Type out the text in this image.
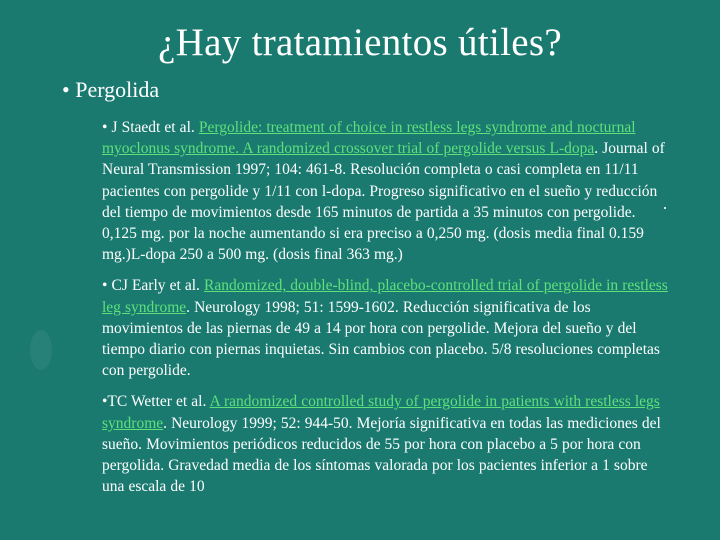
¿Hay tratamientos útiles?
• Pergolida

• J Staedt et al. Pergolide: treatment of choice in restless legs syndrome and nocturnal myoclonus syndrome. A randomized crossover trial of pergolide versus L-dopa. Journal of Neural Transmission 1997; 104: 461-8. Resolución completa o casi completa en 11/11 pacientes con pergolide y 1/11 con l-dopa. Progreso significativo en el sueño y reducción del tiempo de movimientos desde 165 minutos de partida a 35 minutos con pergolide. 0,125 mg. por la noche aumentando si era preciso a 0,250 mg. (dosis media final 0.159 mg.)L-dopa 250 a 500 mg. (dosis final 363 mg.)

• CJ Early et al. Randomized, double-blind, placebo-controlled trial of pergolide in restless leg syndrome. Neurology 1998; 51: 1599-1602. Reducción significativa de los movimientos de las piernas de 49 a 14 por hora con pergolide. Mejora del sueño y del tiempo diario con piernas inquietas. Sin cambios con placebo. 5/8 resoluciones completas con pergolide.

•TC Wetter et al. A randomized controlled study of pergolide in patients with restless legs syndrome. Neurology 1999; 52: 944-50. Mejoría significativa en todas las mediciones del sueño. Movimientos periódicos reducidos de 55 por hora con placebo a 5 por hora con pergolida. Gravedad media de los síntomas valorada por los pacientes inferior a 1 sobre una escala de 10
